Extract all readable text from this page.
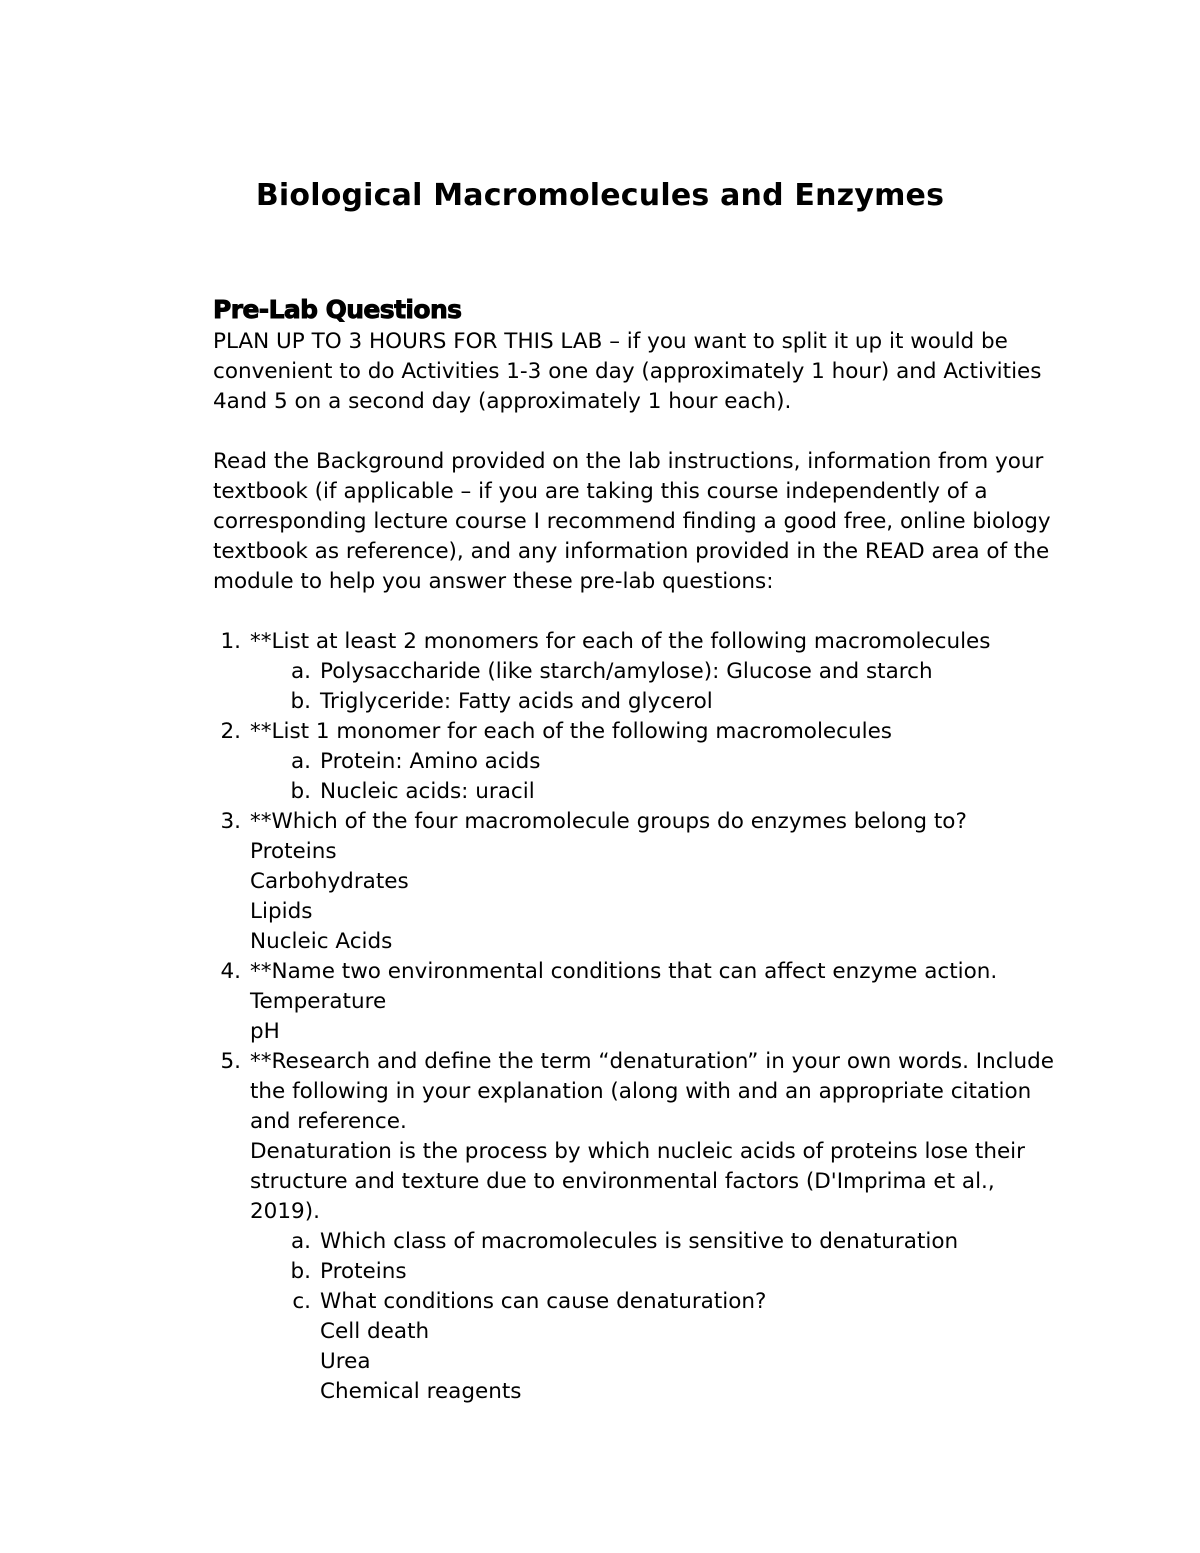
Biological Macromolecules and Enzymes
Pre-Lab Questions

PLAN UP TO 3 HOURS FOR THIS LAB – if you want to split it up it would be convenient to do Activities 1-3 one day (approximately 1 hour) and Activities 4and 5 on a second day (approximately 1 hour each).

Read the Background provided on the lab instructions, information from your textbook (if applicable – if you are taking this course independently of a corresponding lecture course I recommend finding a good free, online biology textbook as reference), and any information provided in the READ area of the module to help you answer these pre-lab questions:

1. **List at least 2 monomers for each of the following macromolecules
a. Polysaccharide (like starch/amylose): Glucose and starch
b. Triglyceride: Fatty acids and glycerol
2. **List 1 monomer for each of the following macromolecules
a. Protein: Amino acids
b. Nucleic acids: uracil
3. **Which of the four macromolecule groups do enzymes belong to?
Proteins
Carbohydrates
Lipids
Nucleic Acids
4. **Name two environmental conditions that can affect enzyme action.
Temperature
pH
5. **Research and define the term “denaturation” in your own words. Include the following in your explanation (along with and an appropriate citation and reference.
Denaturation is the process by which nucleic acids of proteins lose their structure and texture due to environmental factors (D'Imprima et al., 2019).
a. Which class of macromolecules is sensitive to denaturation
b. Proteins
c. What conditions can cause denaturation?
Cell death
Urea
Chemical reagents
